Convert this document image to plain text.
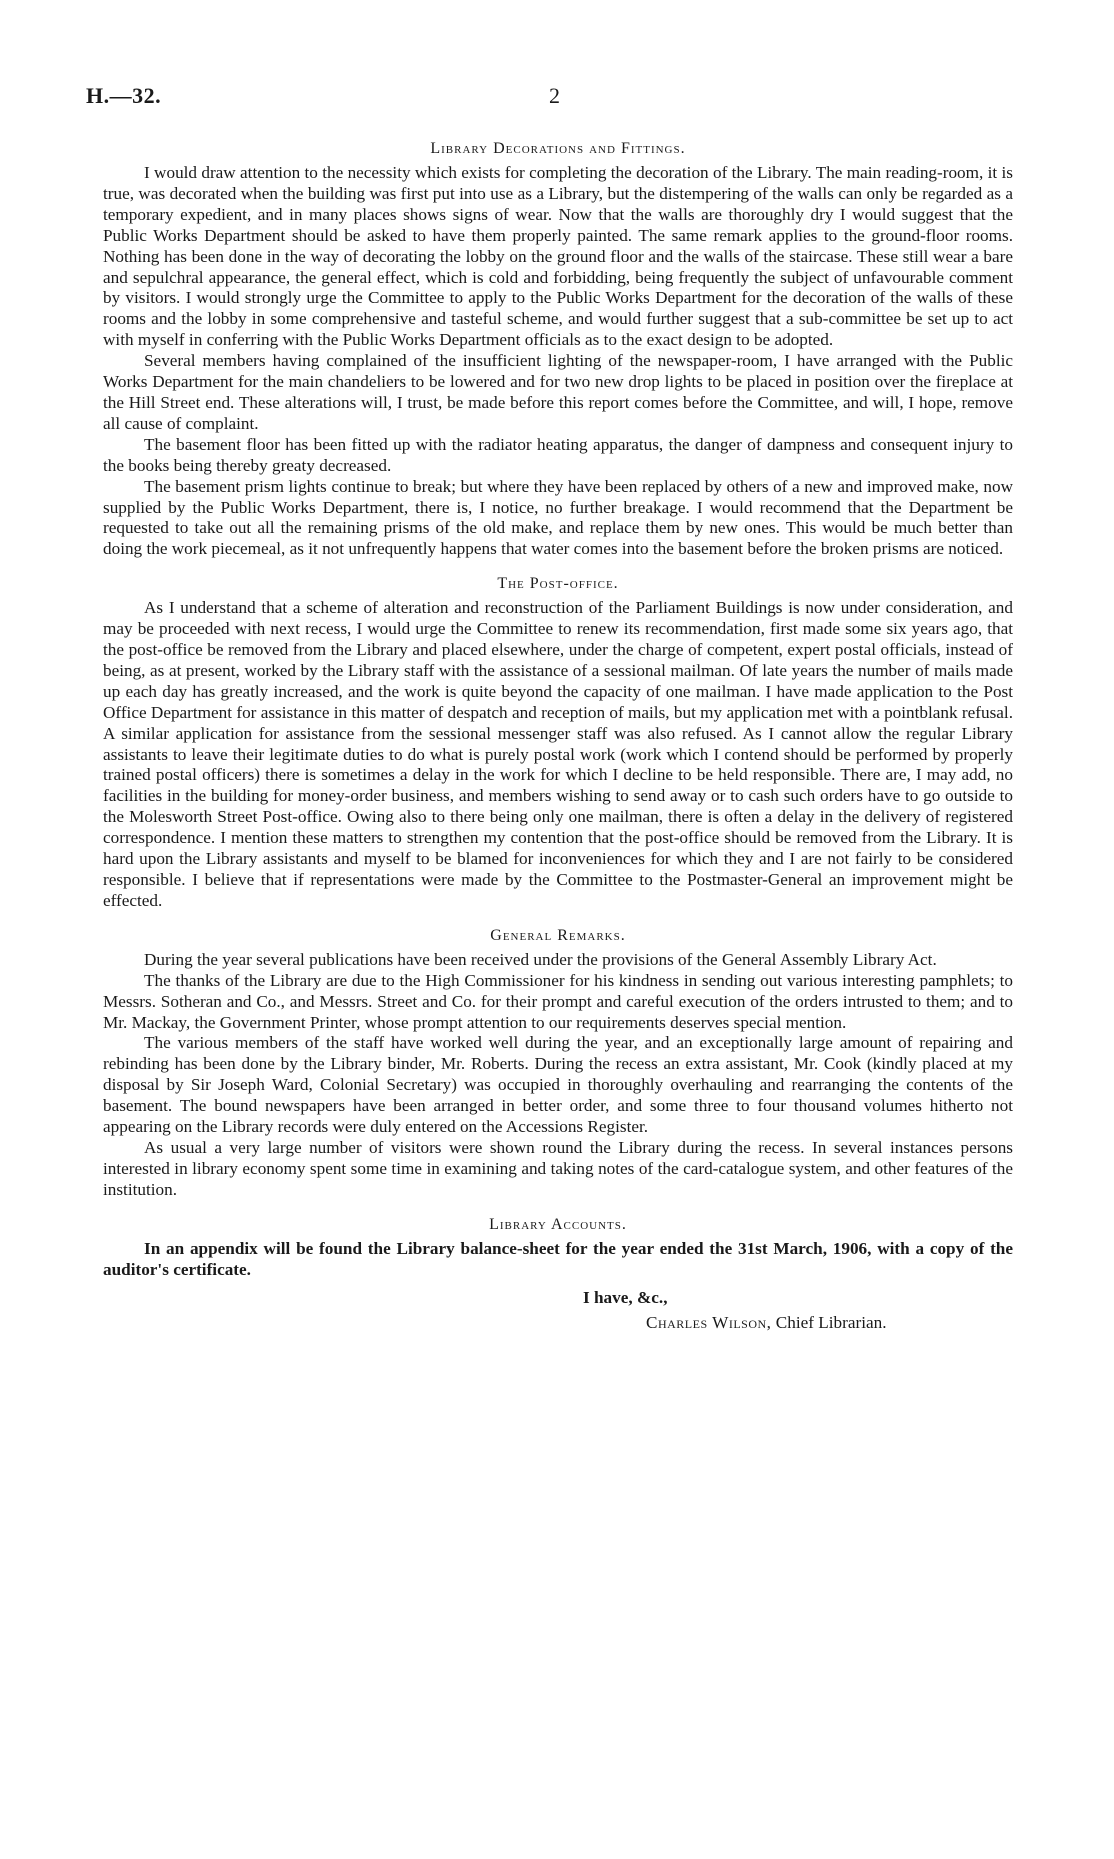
H.—32.	2
Library Decorations and Fittings.

I would draw attention to the necessity which exists for completing the decoration of the Library. The main reading-room, it is true, was decorated when the building was first put into use as a Library, but the distempering of the walls can only be regarded as a temporary expedient, and in many places shows signs of wear. Now that the walls are thoroughly dry I would suggest that the Public Works Department should be asked to have them properly painted. The same remark applies to the ground-floor rooms. Nothing has been done in the way of decorating the lobby on the ground floor and the walls of the staircase. These still wear a bare and sepulchral appearance, the general effect, which is cold and forbidding, being frequently the subject of unfavourable comment by visitors. I would strongly urge the Committee to apply to the Public Works Department for the decoration of the walls of these rooms and the lobby in some comprehensive and tasteful scheme, and would further suggest that a sub-committee be set up to act with myself in conferring with the Public Works Department officials as to the exact design to be adopted.

Several members having complained of the insufficient lighting of the newspaper-room, I have arranged with the Public Works Department for the main chandeliers to be lowered and for two new drop lights to be placed in position over the fireplace at the Hill Street end. These alterations will, I trust, be made before this report comes before the Committee, and will, I hope, remove all cause of complaint.

The basement floor has been fitted up with the radiator heating apparatus, the danger of dampness and consequent injury to the books being thereby greaty decreased.

The basement prism lights continue to break; but where they have been replaced by others of a new and improved make, now supplied by the Public Works Department, there is, I notice, no further breakage. I would recommend that the Department be requested to take out all the remaining prisms of the old make, and replace them by new ones. This would be much better than doing the work piecemeal, as it not unfrequently happens that water comes into the basement before the broken prisms are noticed.

The Post-office.

As I understand that a scheme of alteration and reconstruction of the Parliament Buildings is now under consideration, and may be proceeded with next recess, I would urge the Committee to renew its recommendation, first made some six years ago, that the post-office be removed from the Library and placed elsewhere, under the charge of competent, expert postal officials, instead of being, as at present, worked by the Library staff with the assistance of a sessional mailman. Of late years the number of mails made up each day has greatly increased, and the work is quite beyond the capacity of one mailman. I have made application to the Post Office Department for assistance in this matter of despatch and reception of mails, but my application met with a pointblank refusal. A similar application for assistance from the sessional messenger staff was also refused. As I cannot allow the regular Library assistants to leave their legitimate duties to do what is purely postal work (work which I contend should be performed by properly trained postal officers) there is sometimes a delay in the work for which I decline to be held responsible. There are, I may add, no facilities in the building for money-order business, and members wishing to send away or to cash such orders have to go outside to the Molesworth Street Post-office. Owing also to there being only one mailman, there is often a delay in the delivery of registered correspondence. I mention these matters to strengthen my contention that the post-office should be removed from the Library. It is hard upon the Library assistants and myself to be blamed for inconveniences for which they and I are not fairly to be considered responsible. I believe that if representations were made by the Committee to the Postmaster-General an improvement might be effected.

General Remarks.

During the year several publications have been received under the provisions of the General Assembly Library Act.

The thanks of the Library are due to the High Commissioner for his kindness in sending out various interesting pamphlets; to Messrs. Sotheran and Co., and Messrs. Street and Co. for their prompt and careful execution of the orders intrusted to them; and to Mr. Mackay, the Government Printer, whose prompt attention to our requirements deserves special mention.

The various members of the staff have worked well during the year, and an exceptionally large amount of repairing and rebinding has been done by the Library binder, Mr. Roberts. During the recess an extra assistant, Mr. Cook (kindly placed at my disposal by Sir Joseph Ward, Colonial Secretary) was occupied in thoroughly overhauling and rearranging the contents of the basement. The bound newspapers have been arranged in better order, and some three to four thousand volumes hitherto not appearing on the Library records were duly entered on the Accessions Register.

As usual a very large number of visitors were shown round the Library during the recess. In several instances persons interested in library economy spent some time in examining and taking notes of the card-catalogue system, and other features of the institution.

Library Accounts.

In an appendix will be found the Library balance-sheet for the year ended the 31st March, 1906, with a copy of the auditor's certificate.

I have, &c.,
Charles Wilson, Chief Librarian.
